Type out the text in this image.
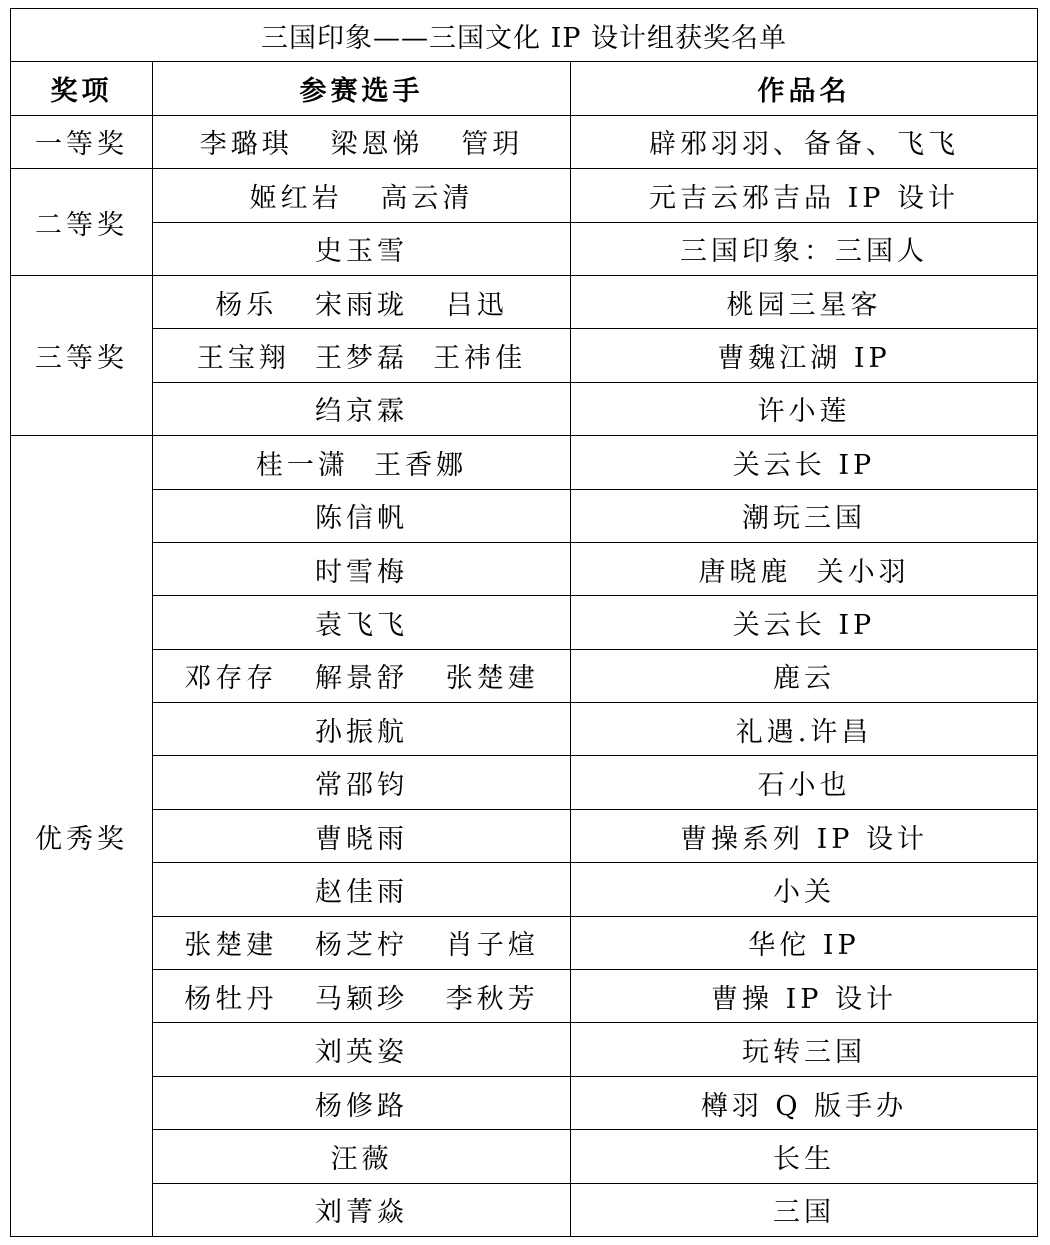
三国印象——三国文化 IP 设计组获奖名单		
奖项	参赛选手	作品名
一等奖	李璐琪   梁恩悌   管玥	辟邪羽羽、备备、飞飞
二等奖	姬红岩   高云清	元吉云邪吉品 IP 设计
	史玉雪	三国印象：三国人
三等奖	杨乐   宋雨珑   吕迅	桃园三星客
	王宝翔  王梦磊  王祎佳	曹魏江湖 IP
	绉京霖	许小莲
优秀奖	桂一潇  王香娜	关云长 IP
	陈信帆	潮玩三国
	时雪梅	唐晓鹿  关小羽
	袁飞飞	关云长 IP
	邓存存   解景舒   张楚建	鹿云
	孙振航	礼遇.许昌
	常邵钧	石小也
	曹晓雨	曹操系列 IP 设计
	赵佳雨	小关
	张楚建   杨芝柠   肖子煊	华佗 IP
	杨牡丹   马颖珍   李秋芳	曹操 IP 设计
	刘英姿	玩转三国
	杨修路	樽羽 Q 版手办
	汪薇	长生
	刘菁焱	三国
